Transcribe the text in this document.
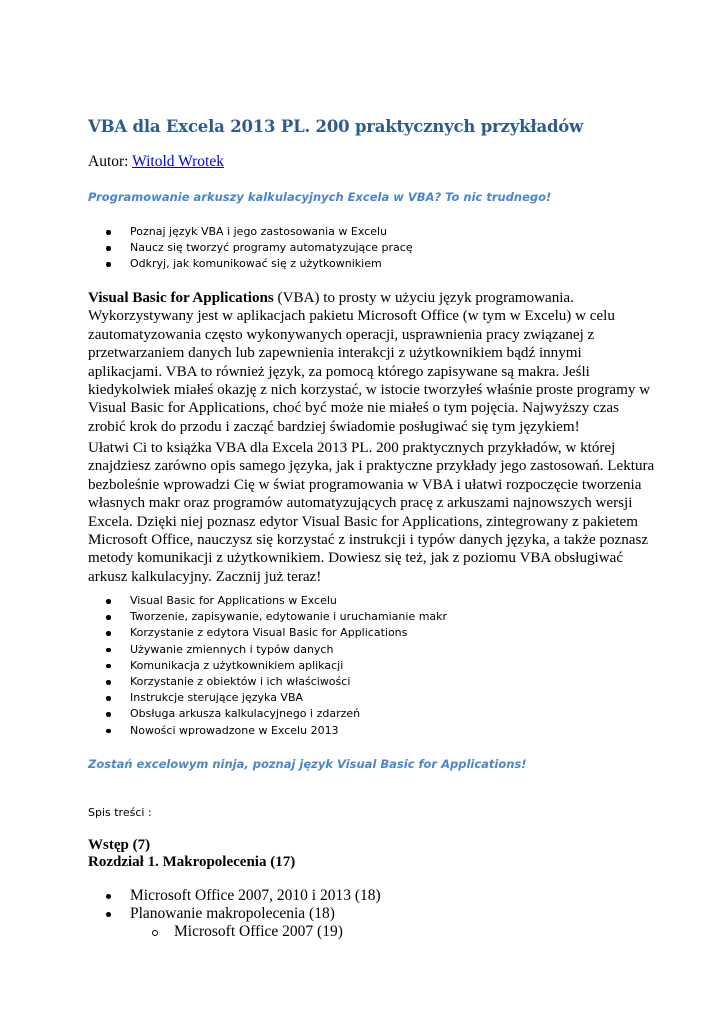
VBA dla Excela 2013 PL. 200 praktycznych przykładów
Autor: Witold Wrotek
Programowanie arkuszy kalkulacyjnych Excela w VBA? To nic trudnego!
Poznaj język VBA i jego zastosowania w Excelu
Naucz się tworzyć programy automatyzujące pracę
Odkryj, jak komunikować się z użytkownikiem
Visual Basic for Applications (VBA) to prosty w użyciu język programowania.
Wykorzystywany jest w aplikacjach pakietu Microsoft Office (w tym w Excelu) w celu
zautomatyzowania często wykonywanych operacji, usprawnienia pracy związanej z
przetwarzaniem danych lub zapewnienia interakcji z użytkownikiem bądź innymi
aplikacjami. VBA to również język, za pomocą którego zapisywane są makra. Jeśli
kiedykolwiek miałeś okazję z nich korzystać, w istocie tworzyłeś właśnie proste programy w
Visual Basic for Applications, choć być może nie miałeś o tym pojęcia. Najwyższy czas
zrobić krok do przodu i zacząć bardziej świadomie posługiwać się tym językiem!
Ułatwi Ci to książka VBA dla Excela 2013 PL. 200 praktycznych przykładów, w której
znajdziesz zarówno opis samego języka, jak i praktyczne przykłady jego zastosowań. Lektura
bezboleśnie wprowadzi Cię w świat programowania w VBA i ułatwi rozpoczęcie tworzenia
własnych makr oraz programów automatyzujących pracę z arkuszami najnowszych wersji
Excela. Dzięki niej poznasz edytor Visual Basic for Applications, zintegrowany z pakietem
Microsoft Office, nauczysz się korzystać z instrukcji i typów danych języka, a także poznasz
metody komunikacji z użytkownikiem. Dowiesz się też, jak z poziomu VBA obsługiwać
arkusz kalkulacyjny. Zacznij już teraz!
Visual Basic for Applications w Excelu
Tworzenie, zapisywanie, edytowanie i uruchamianie makr
Korzystanie z edytora Visual Basic for Applications
Używanie zmiennych i typów danych
Komunikacja z użytkownikiem aplikacji
Korzystanie z obiektów i ich właściwości
Instrukcje sterujące języka VBA
Obsługa arkusza kalkulacyjnego i zdarzeń
Nowości wprowadzone w Excelu 2013
Zostań excelowym ninja, poznaj język Visual Basic for Applications!
Spis treści :
Wstęp (7)
Rozdział 1. Makropolecenia (17)
Microsoft Office 2007, 2010 i 2013 (18)
Planowanie makropolecenia (18)
Microsoft Office 2007 (19)
